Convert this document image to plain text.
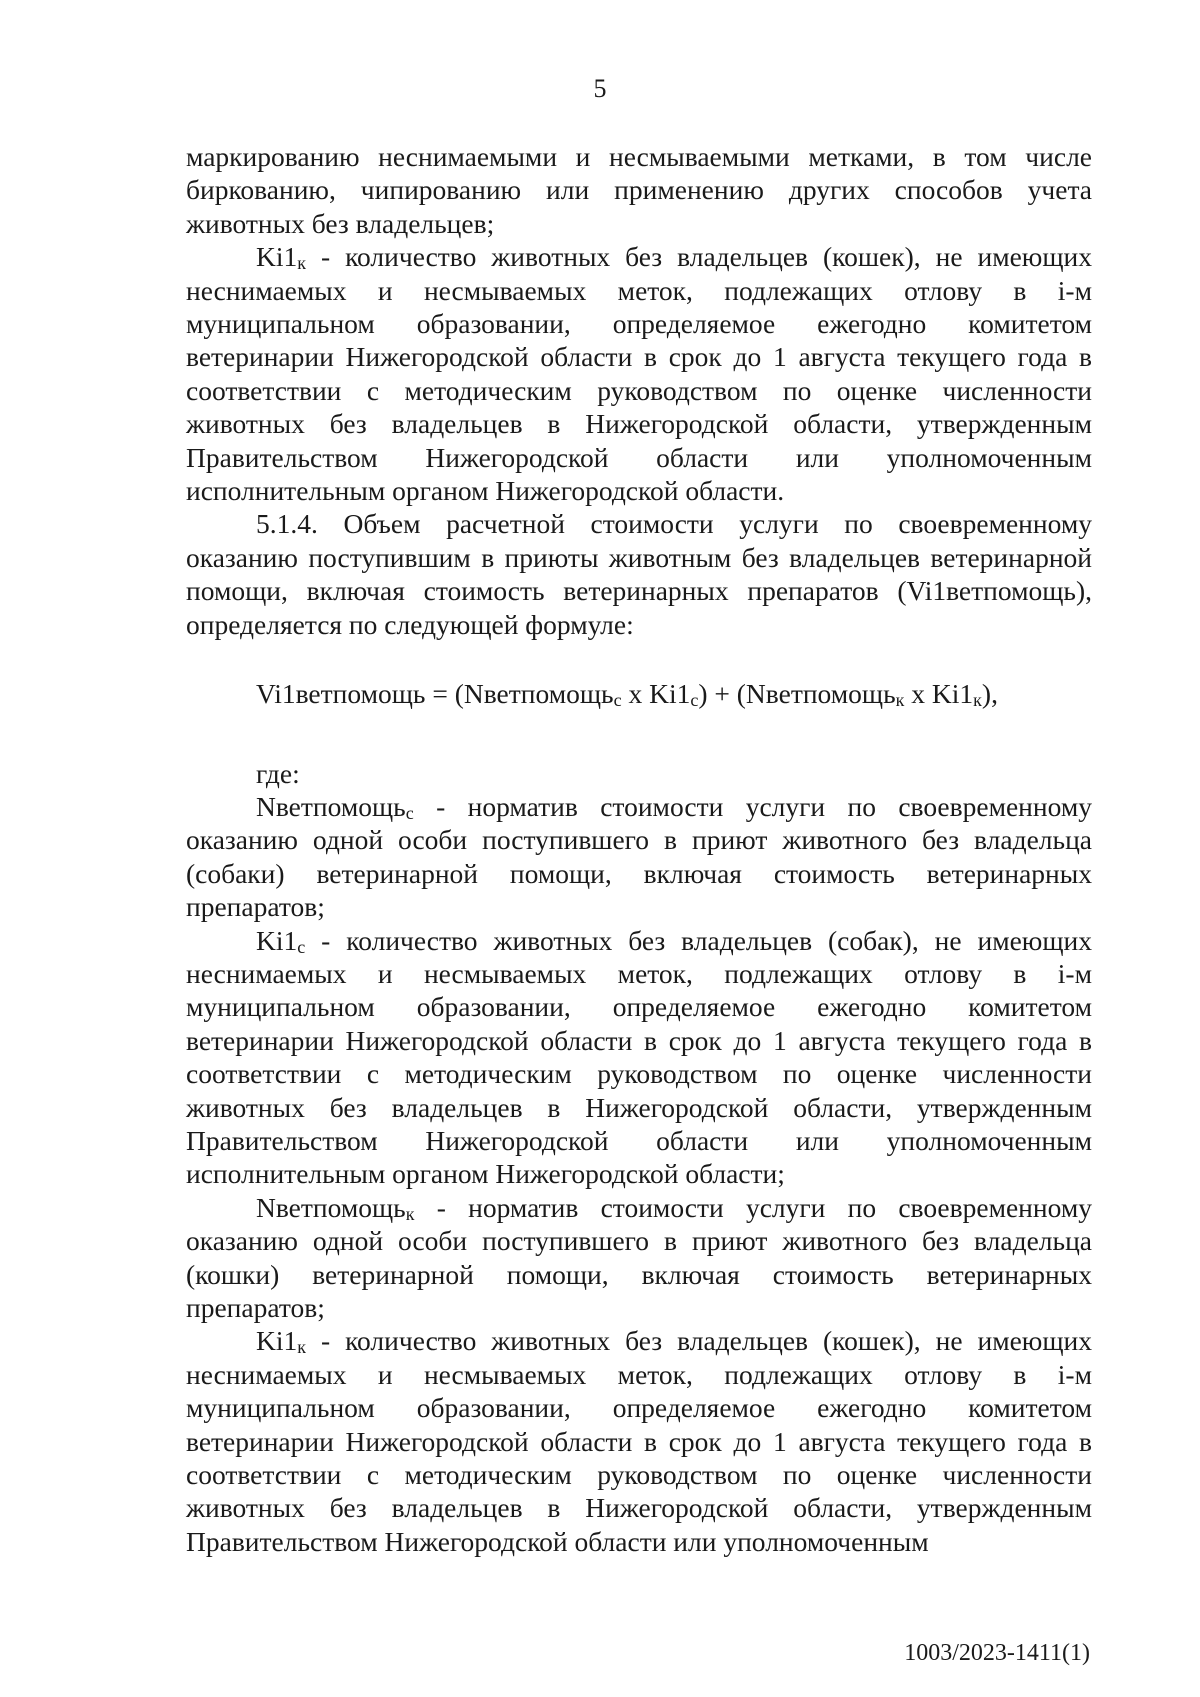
5

маркированию неснимаемыми и несмываемыми метками, в том числе биркованию, чипированию или применению других способов учета животных без владельцев;

Ki1к - количество животных без владельцев (кошек), не имеющих неснимаемых и несмываемых меток, подлежащих отлову в i-м муниципальном образовании, определяемое ежегодно комитетом ветеринарии Нижегородской области в срок до 1 августа текущего года в соответствии с методическим руководством по оценке численности животных без владельцев в Нижегородской области, утвержденным Правительством Нижегородской области или уполномоченным исполнительным органом Нижегородской области.

5.1.4. Объем расчетной стоимости услуги по своевременному оказанию поступившим в приюты животным без владельцев ветеринарной помощи, включая стоимость ветеринарных препаратов (Vi1ветпомощь), определяется по следующей формуле:

Vi1ветпомощь = (Nветпомощьс x Ki1с) + (Nветпомощьк x Ki1к),

где:

Nветпомощьс - норматив стоимости услуги по своевременному оказанию одной особи поступившего в приют животного без владельца (собаки) ветеринарной помощи, включая стоимость ветеринарных препаратов;

Ki1с - количество животных без владельцев (собак), не имеющих неснимаемых и несмываемых меток, подлежащих отлову в i-м муниципальном образовании, определяемое ежегодно комитетом ветеринарии Нижегородской области в срок до 1 августа текущего года в соответствии с методическим руководством по оценке численности животных без владельцев в Нижегородской области, утвержденным Правительством Нижегородской области или уполномоченным исполнительным органом Нижегородской области;

Nветпомощьк - норматив стоимости услуги по своевременному оказанию одной особи поступившего в приют животного без владельца (кошки) ветеринарной помощи, включая стоимость ветеринарных препаратов;

Ki1к - количество животных без владельцев (кошек), не имеющих неснимаемых и несмываемых меток, подлежащих отлову в i-м муниципальном образовании, определяемое ежегодно комитетом ветеринарии Нижегородской области в срок до 1 августа текущего года в соответствии с методическим руководством по оценке численности животных без владельцев в Нижегородской области, утвержденным Правительством Нижегородской области или уполномоченным

1003/2023-1411(1)
